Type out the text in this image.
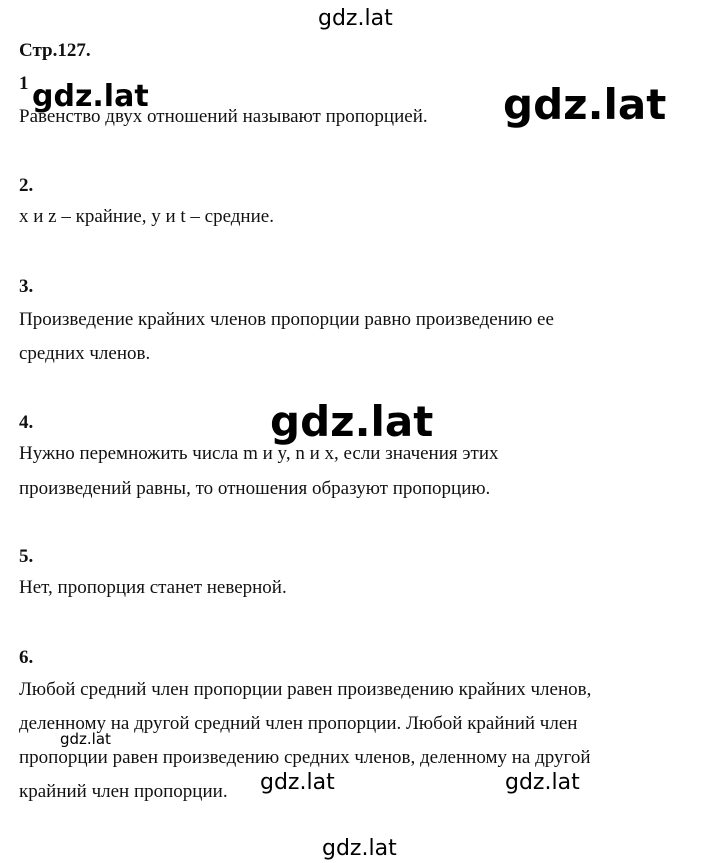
gdz.lat
Стр.127.
1
Равенство двух отношений называют пропорцией.
2.
x и z – крайние, y и t – средние.
3.
Произведение крайних членов пропорции равно произведению ее
средних членов.
4.
Нужно перемножить числа m и y, n и x, если значения этих
произведений равны, то отношения образуют пропорцию.
5.
Нет, пропорция станет неверной.
6.
Любой средний член пропорции равен произведению крайних членов,
деленному на другой средний член пропорции. Любой крайний член
пропорции равен произведению средних членов, деленному на другой
крайний член пропорции.
gdz.lat	gdz.lat
gdz.lat
gdz.lat
gdz.lat	gdz.lat
gdz.lat
